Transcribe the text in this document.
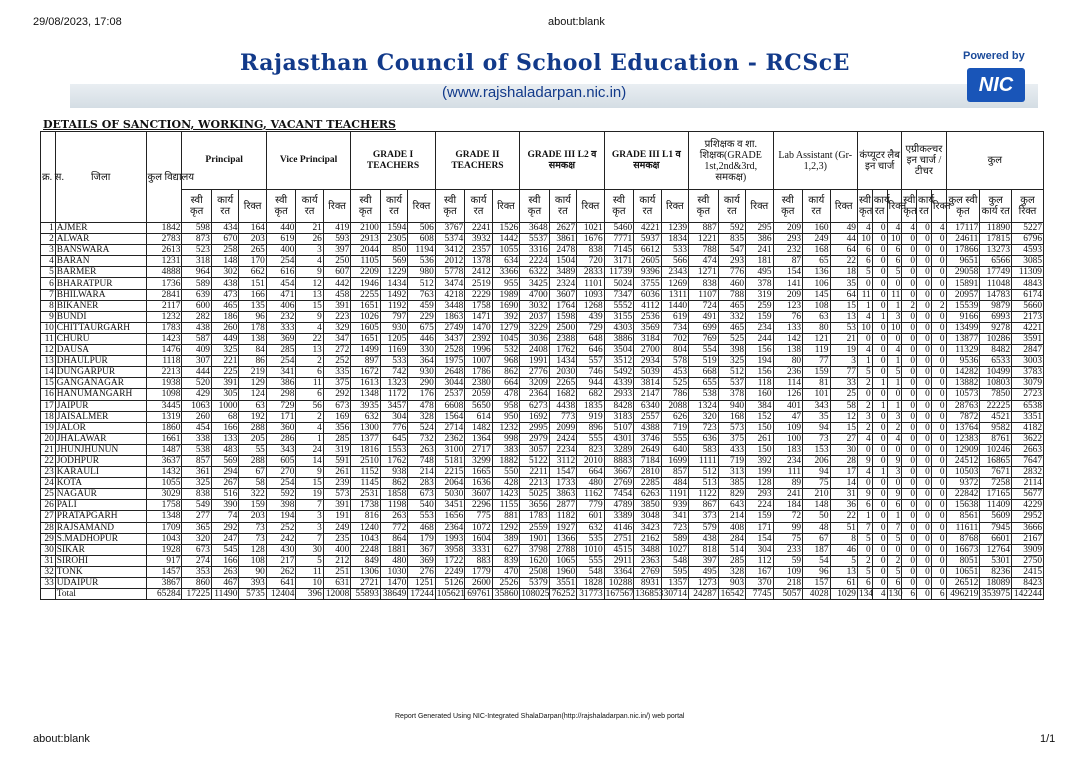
29/08/2023, 17:08	about:blank
Rajasthan Council of School Education - RCScE
(www.rajshaladarpan.nic.in)
Powered by
NIC
DETAILS OF SANCTION, WORKING, VACANT TEACHERS
क्र. स.	जिला	कुल विद्यालय	Principal			Vice Principal			GRADE I TEACHERS			GRADE II TEACHERS			GRADE III L2 व समकक्ष			GRADE III L1 व समकक्ष			प्रशिक्षक व शा. शिक्षक(GRADE 1st,2nd&3rd, समकक्ष)			Lab Assistant (Gr-1,2,3)			कंप्यूटर लैब इन चार्ज			एग्रीकल्चर इन चार्ज / टीचर			कुल		
			स्वी कृत	कार्य रत	रिक्त	स्वी कृत	कार्य रत	रिक्त	स्वी कृत	कार्य रत	रिक्त	स्वी कृत	कार्य रत	रिक्त	स्वी कृत	कार्य रत	रिक्त	स्वी कृत	कार्य रत	रिक्त	स्वी कृत	कार्य रत	रिक्त	स्वी कृत	कार्य रत	रिक्त	स्वी कृत	कार्य रत	रिक्त	स्वी कृत	कार्य रत	रिक्त	कुल स्वी कृत	कुल कार्य रत	कुल रिक्त
1	AJMER	1842	598	434	164	440	21	419	2100	1594	506	3767	2241	1526	3648	2627	1021	5460	4221	1239	887	592	295	209	160	49	4	0	4	4	0	4	17117	11890	5227
2	ALWAR	2783	873	670	203	619	26	593	2913	2305	608	5374	3932	1442	5537	3861	1676	7771	5937	1834	1221	835	386	293	249	44	10	0	10	0	0	0	24611	17815	6796
3	BANSWARA	2613	523	258	265	400	3	397	2044	850	1194	3412	2357	1055	3316	2478	838	7145	6612	533	788	547	241	232	168	64	6	0	6	0	0	0	17866	13273	4593
4	BARAN	1231	318	148	170	254	4	250	1105	569	536	2012	1378	634	2224	1504	720	3171	2605	566	474	293	181	87	65	22	6	0	6	0	0	0	9651	6566	3085
5	BARMER	4888	964	302	662	616	9	607	2209	1229	980	5778	2412	3366	6322	3489	2833	11739	9396	2343	1271	776	495	154	136	18	5	0	5	0	0	0	29058	17749	11309
6	BHARATPUR	1736	589	438	151	454	12	442	1946	1434	512	3474	2519	955	3425	2324	1101	5024	3755	1269	838	460	378	141	106	35	0	0	0	0	0	0	15891	11048	4843
7	BHILWARA	2841	639	473	166	471	13	458	2255	1492	763	4218	2229	1989	4700	3607	1093	7347	6036	1311	1107	788	319	209	145	64	11	0	11	0	0	0	20957	14783	6174
8	BIKANER	2117	600	465	135	406	15	391	1651	1192	459	3448	1758	1690	3032	1764	1268	5552	4112	1440	724	465	259	123	108	15	1	0	1	2	0	2	15539	9879	5660
9	BUNDI	1232	282	186	96	232	9	223	1026	797	229	1863	1471	392	2037	1598	439	3155	2536	619	491	332	159	76	63	13	4	1	3	0	0	0	9166	6993	2173
10	CHITTAURGARH	1783	438	260	178	333	4	329	1605	930	675	2749	1470	1279	3229	2500	729	4303	3569	734	699	465	234	133	80	53	10	0	10	0	0	0	13499	9278	4221
11	CHURU	1423	587	449	138	369	22	347	1651	1205	446	3437	2392	1045	3036	2388	648	3886	3184	702	769	525	244	142	121	21	0	0	0	0	0	0	13877	10286	3591
12	DAUSA	1476	409	325	84	285	13	272	1499	1169	330	2528	1996	532	2408	1762	646	3504	2700	804	554	398	156	138	119	19	4	0	4	0	0	0	11329	8482	2847
13	DHAULPUR	1118	307	221	86	254	2	252	897	533	364	1975	1007	968	1991	1434	557	3512	2934	578	519	325	194	80	77	3	1	0	1	0	0	0	9536	6533	3003
14	DUNGARPUR	2213	444	225	219	341	6	335	1672	742	930	2648	1786	862	2776	2030	746	5492	5039	453	668	512	156	236	159	77	5	0	5	0	0	0	14282	10499	3783
15	GANGANAGAR	1938	520	391	129	386	11	375	1613	1323	290	3044	2380	664	3209	2265	944	4339	3814	525	655	537	118	114	81	33	2	1	1	0	0	0	13882	10803	3079
16	HANUMANGARH	1098	429	305	124	298	6	292	1348	1172	176	2537	2059	478	2364	1682	682	2933	2147	786	538	378	160	126	101	25	0	0	0	0	0	0	10573	7850	2723
17	JAIPUR	3445	1063	1000	63	729	56	673	3935	3457	478	6608	5650	958	6273	4438	1835	8428	6340	2088	1324	940	384	401	343	58	2	1	1	0	0	0	28763	22225	6538
18	JAISALMER	1319	260	68	192	171	2	169	632	304	328	1564	614	950	1692	773	919	3183	2557	626	320	168	152	47	35	12	3	0	3	0	0	0	7872	4521	3351
19	JALOR	1860	454	166	288	360	4	356	1300	776	524	2714	1482	1232	2995	2099	896	5107	4388	719	723	573	150	109	94	15	2	0	2	0	0	0	13764	9582	4182
20	JHALAWAR	1661	338	133	205	286	1	285	1377	645	732	2362	1364	998	2979	2424	555	4301	3746	555	636	375	261	100	73	27	4	0	4	0	0	0	12383	8761	3622
21	JHUNJHUNUN	1487	538	483	55	343	24	319	1816	1553	263	3100	2717	383	3057	2234	823	3289	2649	640	583	433	150	183	153	30	0	0	0	0	0	0	12909	10246	2663
22	JODHPUR	3637	857	569	288	605	14	591	2510	1762	748	5181	3299	1882	5122	3112	2010	8883	7184	1699	1111	719	392	234	206	28	9	0	9	0	0	0	24512	16865	7647
23	KARAULI	1432	361	294	67	270	9	261	1152	938	214	2215	1665	550	2211	1547	664	3667	2810	857	512	313	199	111	94	17	4	1	3	0	0	0	10503	7671	2832
24	KOTA	1055	325	267	58	254	15	239	1145	862	283	2064	1636	428	2213	1733	480	2769	2285	484	513	385	128	89	75	14	0	0	0	0	0	0	9372	7258	2114
25	NAGAUR	3029	838	516	322	592	19	573	2531	1858	673	5030	3607	1423	5025	3863	1162	7454	6263	1191	1122	829	293	241	210	31	9	0	9	0	0	0	22842	17165	5677
26	PALI	1758	549	390	159	398	7	391	1738	1198	540	3451	2296	1155	3656	2877	779	4789	3850	939	867	643	224	184	148	36	6	0	6	0	0	0	15638	11409	4229
27	PRATAPGARH	1348	277	74	203	194	3	191	816	263	553	1656	775	881	1783	1182	601	3389	3048	341	373	214	159	72	50	22	1	0	1	0	0	0	8561	5609	2952
28	RAJSAMAND	1709	365	292	73	252	3	249	1240	772	468	2364	1072	1292	2559	1927	632	4146	3423	723	579	408	171	99	48	51	7	0	7	0	0	0	11611	7945	3666
29	S.MADHOPUR	1043	320	247	73	242	7	235	1043	864	179	1993	1604	389	1901	1366	535	2751	2162	589	438	284	154	75	67	8	5	0	5	0	0	0	8768	6601	2167
30	SIKAR	1928	673	545	128	430	30	400	2248	1881	367	3958	3331	627	3798	2788	1010	4515	3488	1027	818	514	304	233	187	46	0	0	0	0	0	0	16673	12764	3909
31	SIROHI	917	274	166	108	217	5	212	849	480	369	1722	883	839	1620	1065	555	2911	2363	548	397	285	112	59	54	5	2	0	2	0	0	0	8051	5301	2750
32	TONK	1457	353	263	90	262	11	251	1306	1030	276	2249	1779	470	2508	1960	548	3364	2769	595	495	328	167	109	96	13	5	0	5	0	0	0	10651	8236	2415
33	UDAIPUR	3867	860	467	393	641	10	631	2721	1470	1251	5126	2600	2526	5379	3551	1828	10288	8931	1357	1273	903	370	218	157	61	6	0	6	0	0	0	26512	18089	8423
	Total	65284	17225	11490	5735	12404	396	12008	55893	38649	17244	105621	69761	35860	108025	76252	31773	167567	136853	30714	24287	16542	7745	5057	4028	1029	134	4	130	6	0	6	496219	353975	142244
Report Generated Using NIC-Integrated ShalaDarpan(http://rajshaladarpan.nic.in/) web portal
about:blank	1/1
